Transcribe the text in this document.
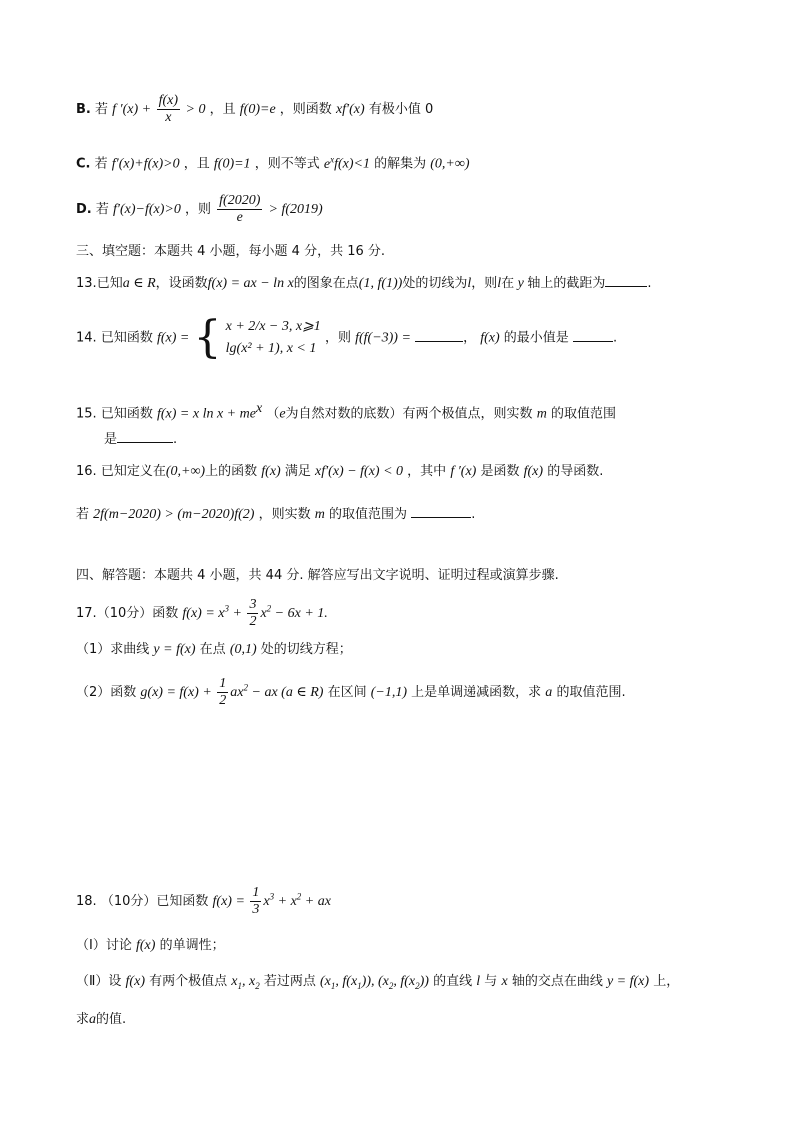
B. 若 f $'(x) + \frac{f(x)}{x} > 0$ ，且 f(0)=e ，则函数 xf′(x) 有极小值 0
C. 若 f′(x)+f(x)>0 ，且 f(0)=1 ，则不等式 $e^xf(x)<1$ 的解集为 (0,+∞)
D. 若 f′(x)−f(x)>0 ，则 $\frac{f(2020)}{e} > f(2019)$
三、填空题：本题共 4 小题，每小题 4 分，共 16 分.
13.已知a ∈ R，设函数f(x) = ax − ln x的图象在点(1, f(1))处的切线为l，则l在 y 轴上的截距为	.
14. 已知函数 f(x) = { x + 2/x − 3, x⩾1
lg(x² + 1), x < 1
，则 f(f(−3)) =	， f(x) 的最小值是	.
15. 已知函数 f(x) = x $\ln x + me^x$ （e为自然对数的底数）有两个极值点，则实数 m 的取值范围
是	.
16. 已知定义在(0,+∞)上的函数 f(x) 满足 xf′(x) − f(x) < 0 ，其中 f ′(x) 是函数 f(x) 的导函数.
若 2f(m−2020) > (m−2020)f(2) ，则实数 m 的取值范围为	.
四、解答题：本题共 4 小题，共 44 分. 解答应写出文字说明、证明过程或演算步骤.
17.（10分）函数 $f(x) = x^3 + \frac{3}{2} x^2 - 6x + 1$.
（1）求曲线 y = f(x) 在点 (0,1) 处的切线方程；
（2）函数 $g(x) = f(x) + \frac{1}{2} ax^2$ − ax (a ∈ R) 在区间 (−1,1) 上是单调递减函数，求 a 的取值范围.
18. （10分）已知函数 $f(x) = \frac{1}{3} x^3 + x^2$ + ax
（Ⅰ）讨论 f(x) 的单调性；
（Ⅱ）设 f(x) 有两个极值点 $x_1$, $x_2$ 若过两点 ($x_1$, $f(x_1)$), ($x_2$, $f(x_2)$) 的直线 l 与 x 轴的交点在曲线 y = f(x) 上，
求a的值.
